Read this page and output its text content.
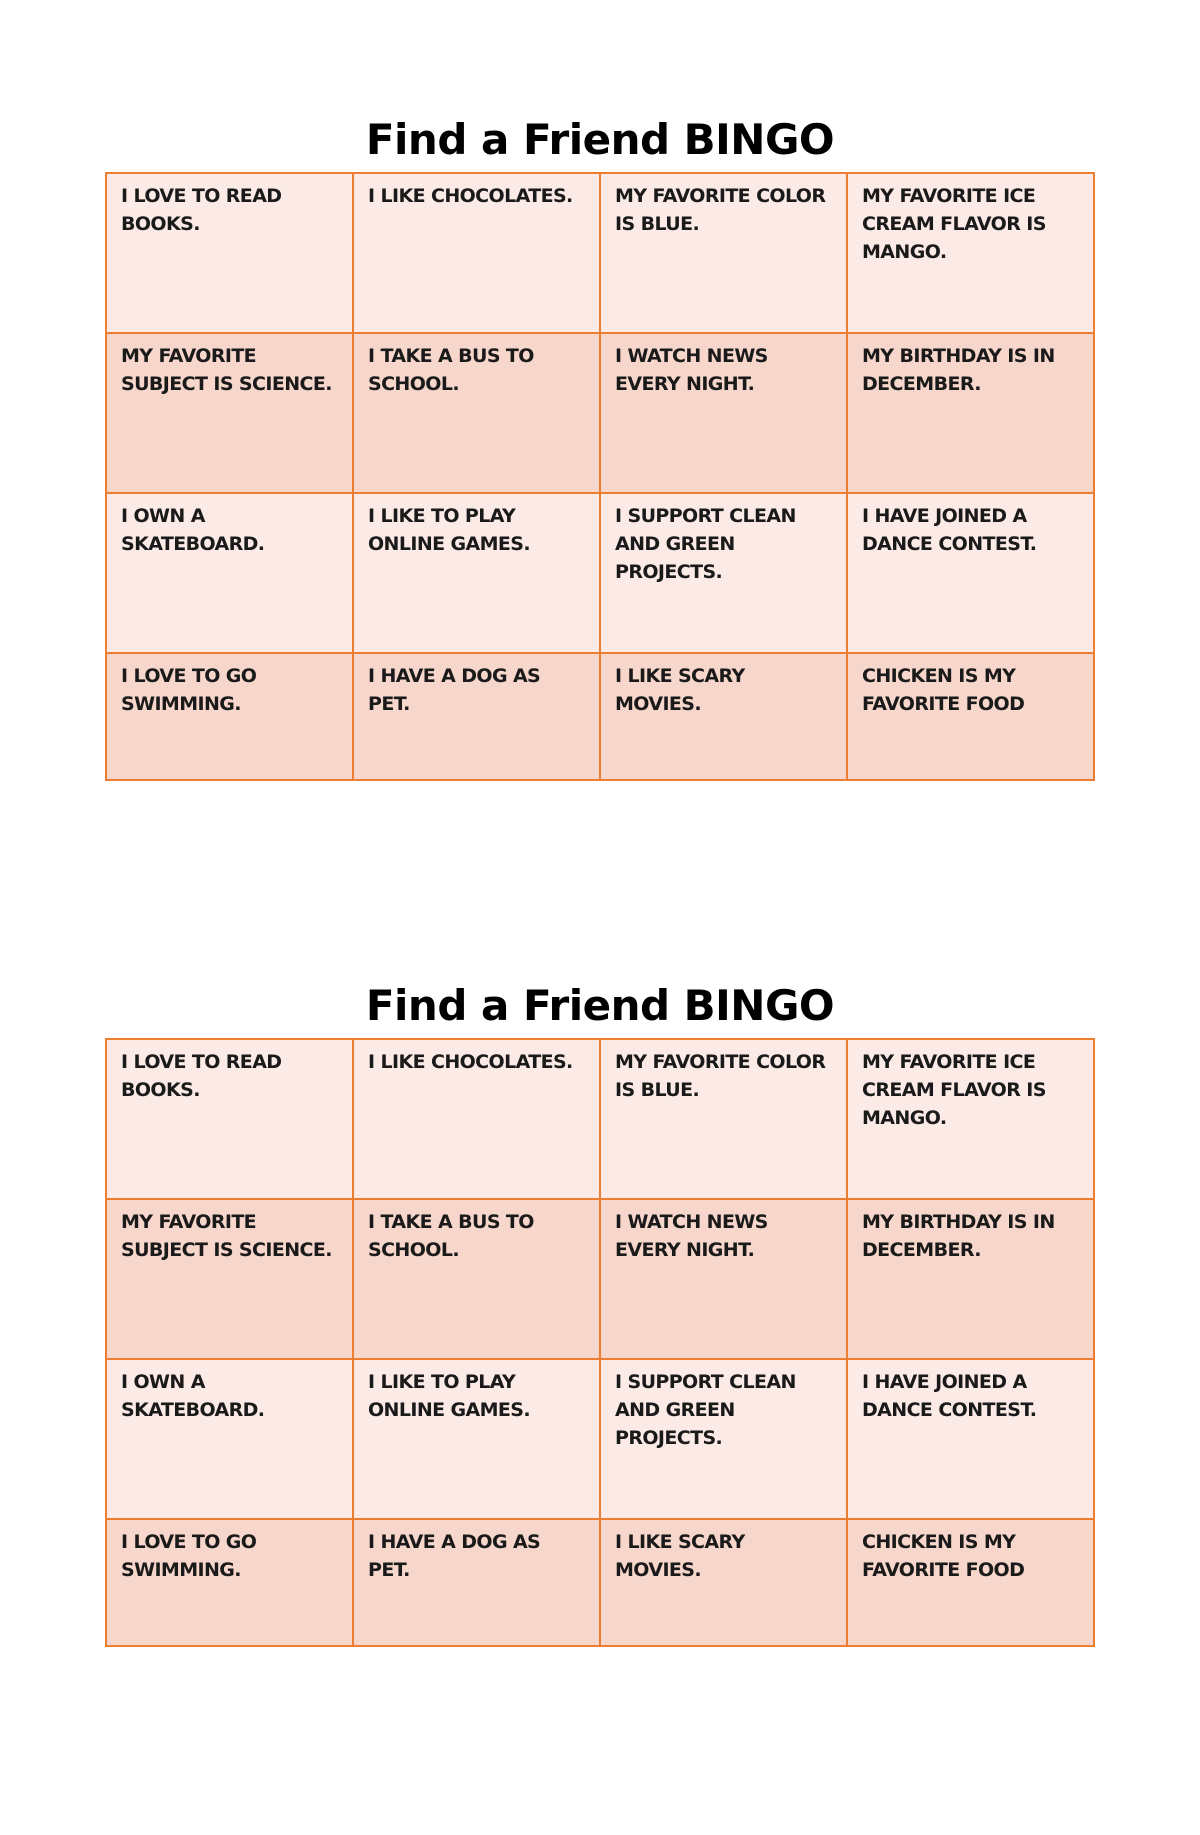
Find a Friend BINGO
I LOVE TO READ BOOKS.	I LIKE CHOCOLATES.	MY FAVORITE COLOR IS BLUE.	MY FAVORITE ICE CREAM FLAVOR IS MANGO.
MY FAVORITE SUBJECT IS SCIENCE.	I TAKE A BUS TO SCHOOL.	I WATCH NEWS EVERY NIGHT.	MY BIRTHDAY IS IN DECEMBER.
I OWN A SKATEBOARD.	I LIKE TO PLAY ONLINE GAMES.	I SUPPORT CLEAN AND GREEN PROJECTS.	I HAVE JOINED A DANCE CONTEST.
I LOVE TO GO SWIMMING.	I HAVE A DOG AS PET.	I LIKE SCARY MOVIES.	CHICKEN IS MY FAVORITE FOOD
Find a Friend BINGO
I LOVE TO READ BOOKS.	I LIKE CHOCOLATES.	MY FAVORITE COLOR IS BLUE.	MY FAVORITE ICE CREAM FLAVOR IS MANGO.
MY FAVORITE SUBJECT IS SCIENCE.	I TAKE A BUS TO SCHOOL.	I WATCH NEWS EVERY NIGHT.	MY BIRTHDAY IS IN DECEMBER.
I OWN A SKATEBOARD.	I LIKE TO PLAY ONLINE GAMES.	I SUPPORT CLEAN AND GREEN PROJECTS.	I HAVE JOINED A DANCE CONTEST.
I LOVE TO GO SWIMMING.	I HAVE A DOG AS PET.	I LIKE SCARY MOVIES.	CHICKEN IS MY FAVORITE FOOD
